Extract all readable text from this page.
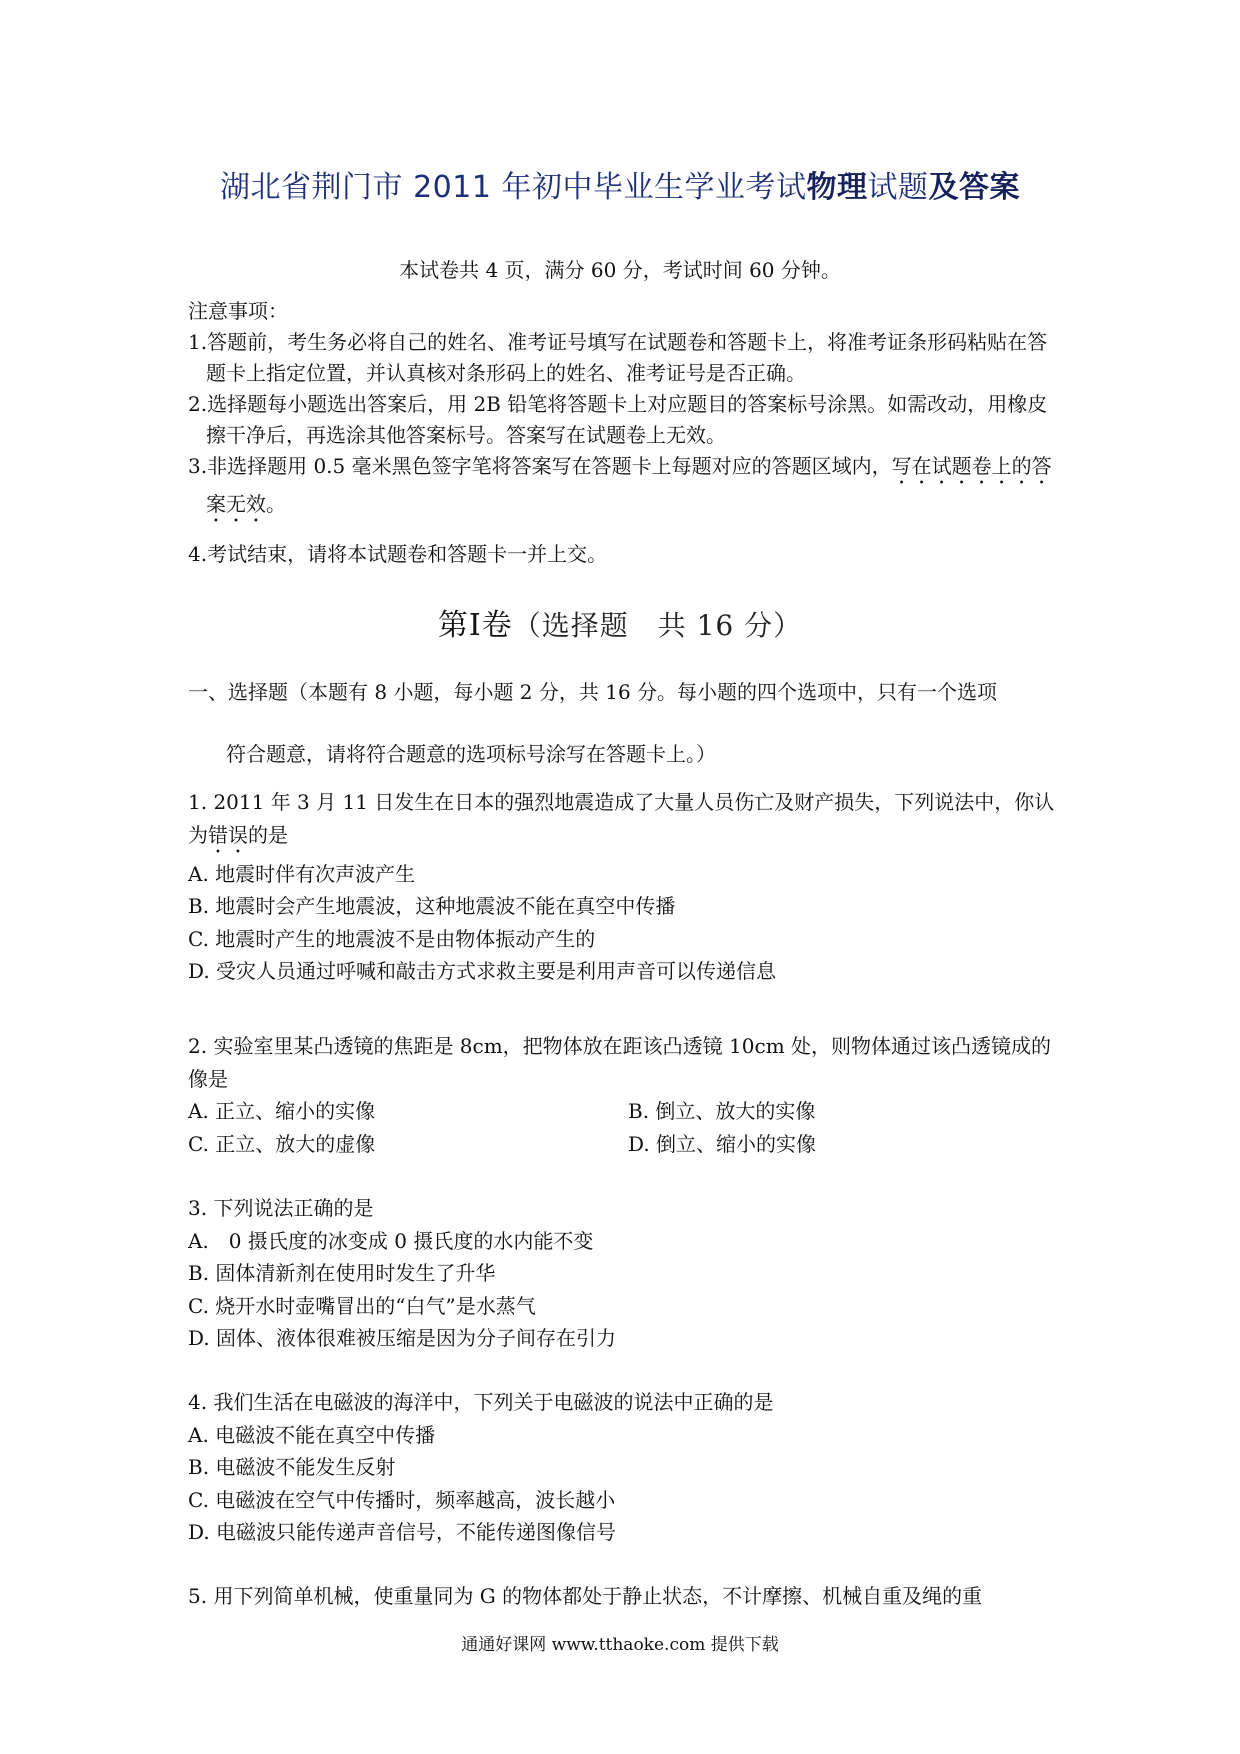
湖北省荆门市 2011 年初中毕业生学业考试物理试题及答案
本试卷共 4 页，满分 60 分，考试时间 60 分钟。
注意事项：
1.答题前，考生务必将自己的姓名、准考证号填写在试题卷和答题卡上，将准考证条形码粘贴在答题卡上指定位置，并认真核对条形码上的姓名、准考证号是否正确。
2.选择题每小题选出答案后，用 2B 铅笔将答题卡上对应题目的答案标号涂黑。如需改动，用橡皮擦干净后，再选涂其他答案标号。答案写在试题卷上无效。
3.非选择题用 0.5 毫米黑色签字笔将答案写在答题卡上每题对应的答题区域内，写在试题卷上的答案无效。
4.考试结束，请将本试题卷和答题卡一并上交。
第Ⅰ卷（选择题　共 16 分）
一、选择题（本题有 8 小题，每小题 2 分，共 16 分。每小题的四个选项中，只有一个选项
符合题意，请将符合题意的选项标号涂写在答题卡上。）
1. 2011 年 3 月 11 日发生在日本的强烈地震造成了大量人员伤亡及财产损失，下列说法中，你认为错误的是
A. 地震时伴有次声波产生
B. 地震时会产生地震波，这种地震波不能在真空中传播
C. 地震时产生的地震波不是由物体振动产生的
D. 受灾人员通过呼喊和敲击方式求救主要是利用声音可以传递信息
2. 实验室里某凸透镜的焦距是 8cm，把物体放在距该凸透镜 10cm 处，则物体通过该凸透镜成的像是
A. 正立、缩小的实像	B. 倒立、放大的实像
C. 正立、放大的虚像	D. 倒立、缩小的实像
3. 下列说法正确的是
A.　0 摄氏度的冰变成 0 摄氏度的水内能不变
B. 固体清新剂在使用时发生了升华
C. 烧开水时壶嘴冒出的“白气”是水蒸气
D. 固体、液体很难被压缩是因为分子间存在引力
4. 我们生活在电磁波的海洋中，下列关于电磁波的说法中正确的是
A. 电磁波不能在真空中传播
B. 电磁波不能发生反射
C. 电磁波在空气中传播时，频率越高，波长越小
D. 电磁波只能传递声音信号，不能传递图像信号
5. 用下列简单机械，使重量同为 G 的物体都处于静止状态，不计摩擦、机械自重及绳的重
通通好课网 www.tthaoke.com 提供下载
